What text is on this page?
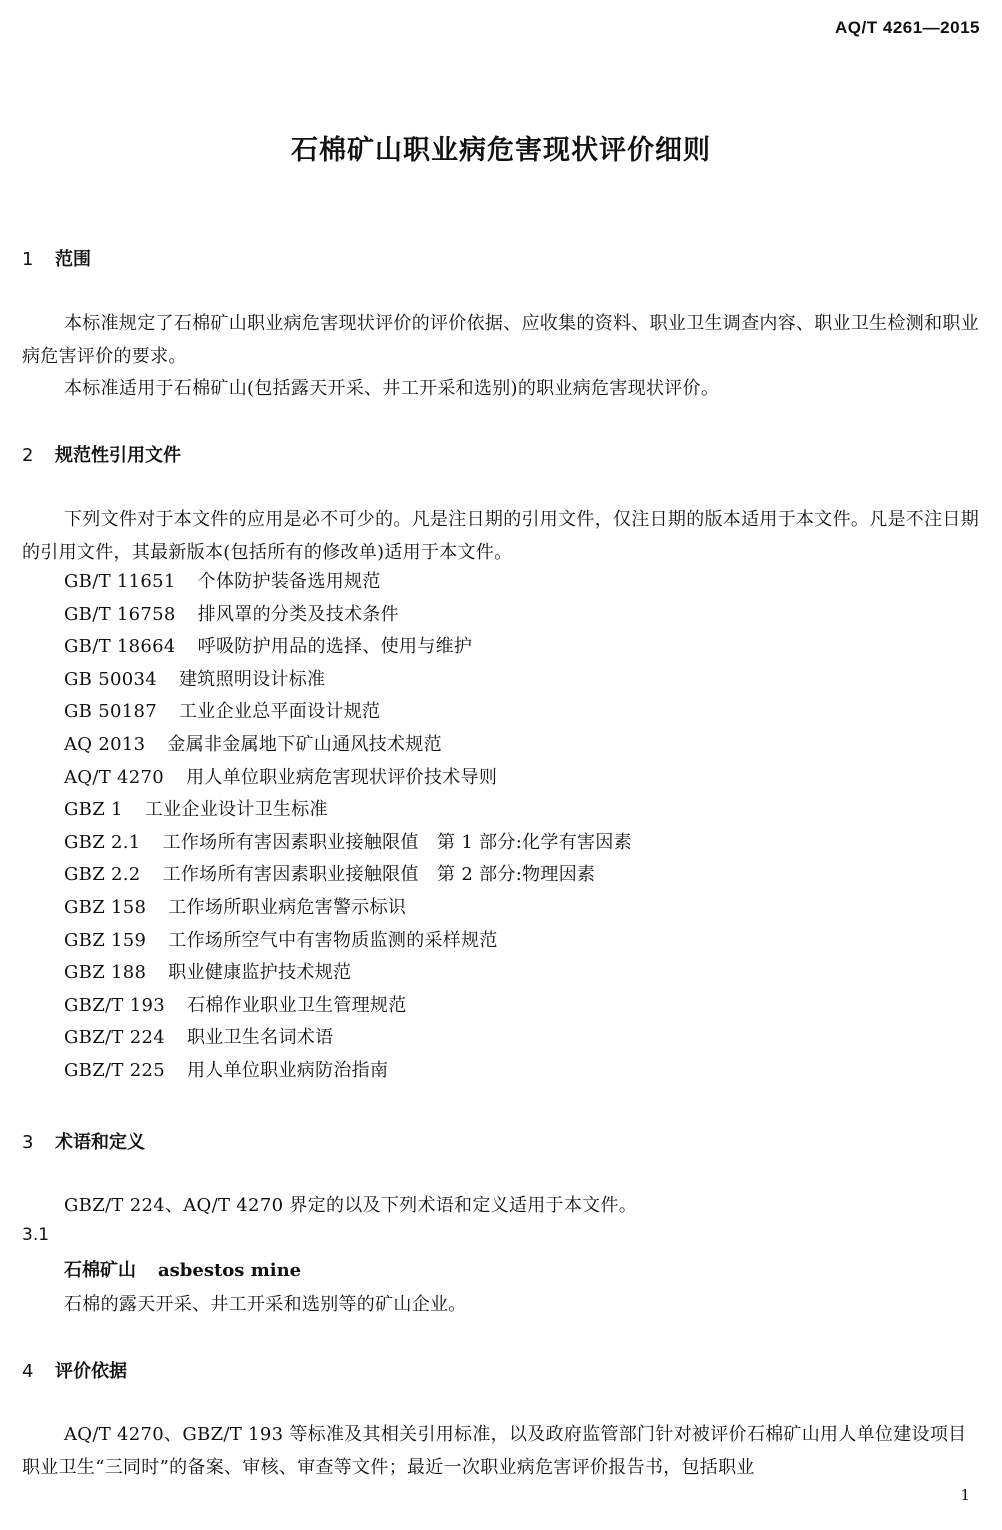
AQ/T 4261—2015
石棉矿山职业病危害现状评价细则
1 范围
本标准规定了石棉矿山职业病危害现状评价的评价依据、应收集的资料、职业卫生调查内容、职业卫生检测和职业病危害评价的要求。
本标准适用于石棉矿山(包括露天开采、井工开采和选别)的职业病危害现状评价。
2 规范性引用文件
下列文件对于本文件的应用是必不可少的。凡是注日期的引用文件，仅注日期的版本适用于本文件。凡是不注日期的引用文件，其最新版本(包括所有的修改单)适用于本文件。
GB/T 11651 个体防护装备选用规范
GB/T 16758 排风罩的分类及技术条件
GB/T 18664 呼吸防护用品的选择、使用与维护
GB 50034 建筑照明设计标准
GB 50187 工业企业总平面设计规范
AQ 2013 金属非金属地下矿山通风技术规范
AQ/T 4270 用人单位职业病危害现状评价技术导则
GBZ 1 工业企业设计卫生标准
GBZ 2.1 工作场所有害因素职业接触限值　第 1 部分:化学有害因素
GBZ 2.2 工作场所有害因素职业接触限值　第 2 部分:物理因素
GBZ 158 工作场所职业病危害警示标识
GBZ 159 工作场所空气中有害物质监测的采样规范
GBZ 188 职业健康监护技术规范
GBZ/T 193 石棉作业职业卫生管理规范
GBZ/T 224 职业卫生名词术语
GBZ/T 225 用人单位职业病防治指南
3 术语和定义
GBZ/T 224、AQ/T 4270 界定的以及下列术语和定义适用于本文件。
3.1
石棉矿山 asbestos mine
石棉的露天开采、井工开采和选别等的矿山企业。
4 评价依据
AQ/T 4270、GBZ/T 193 等标准及其相关引用标准，以及政府监管部门针对被评价石棉矿山用人单位建设项目职业卫生“三同时”的备案、审核、审查等文件；最近一次职业病危害评价报告书，包括职业
1
